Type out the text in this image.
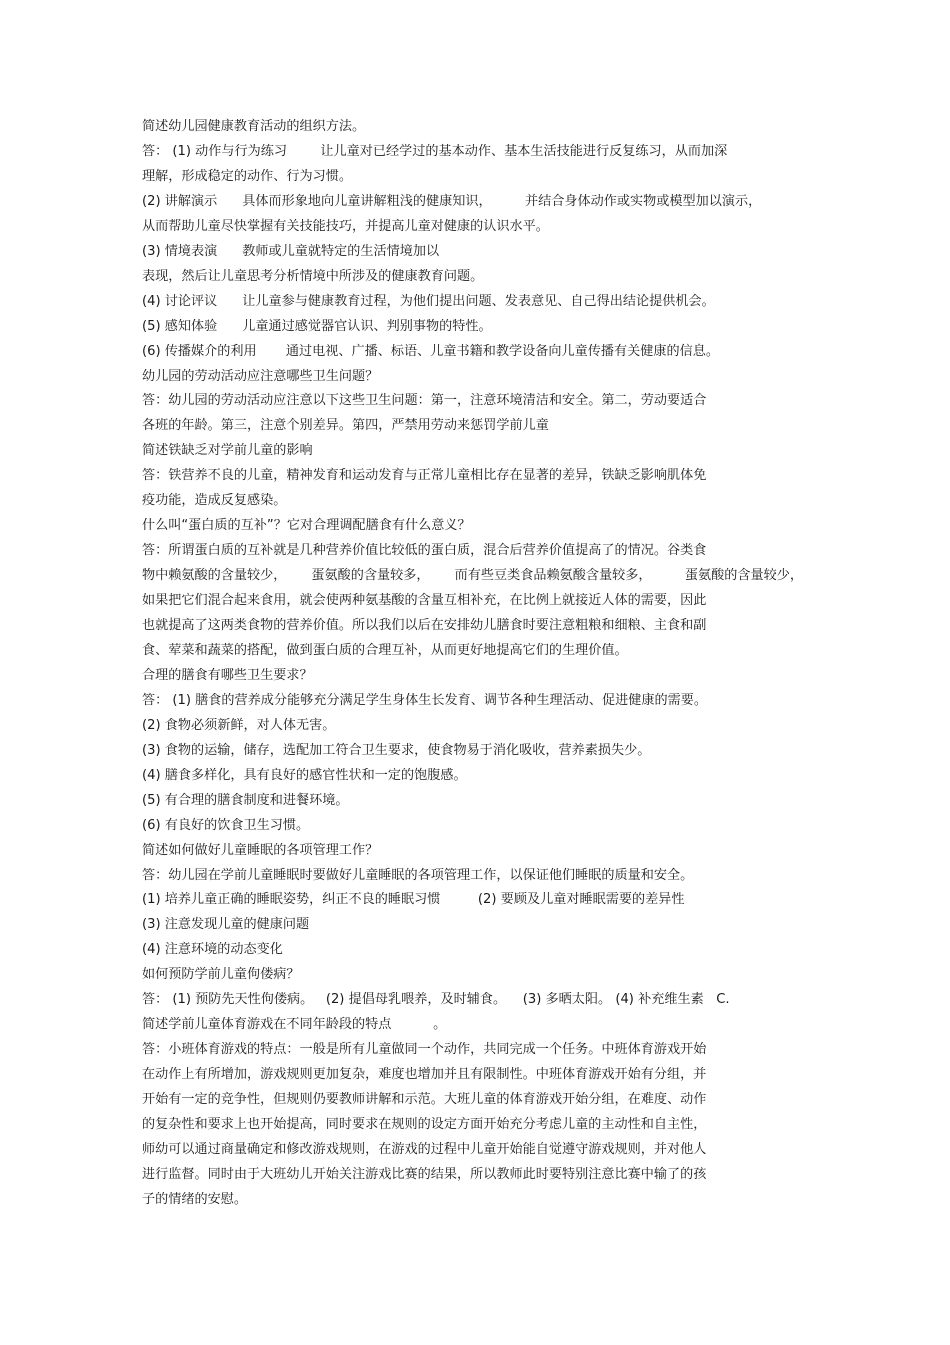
简述幼儿园健康教育活动的组织方法。
答： (1) 动作与行为练习        让儿童对已经学过的基本动作、基本生活技能进行反复练习，从而加深
理解，形成稳定的动作、行为习惯。
(2) 讲解演示      具体而形象地向儿童讲解粗浅的健康知识，        并结合身体动作或实物或模型加以演示，
从而帮助儿童尽快掌握有关技能技巧，并提高儿童对健康的认识水平。
(3) 情境表演      教师或儿童就特定的生活情境加以
表现，然后让儿童思考分析情境中所涉及的健康教育问题。
(4) 讨论评议      让儿童参与健康教育过程，为他们提出问题、发表意见、自己得出结论提供机会。
(5) 感知体验      儿童通过感觉器官认识、判别事物的特性。
(6) 传播媒介的利用       通过电视、广播、标语、儿童书籍和教学设备向儿童传播有关健康的信息。
幼儿园的劳动活动应注意哪些卫生问题？
答：幼儿园的劳动活动应注意以下这些卫生问题：第一，注意环境清洁和安全。第二，劳动要适合
各班的年龄。第三，注意个别差异。第四，严禁用劳动来惩罚学前儿童
简述铁缺乏对学前儿童的影响
答：铁营养不良的儿童，精神发育和运动发育与正常儿童相比存在显著的差异，铁缺乏影响肌体免
疫功能，造成反复感染。
什么叫“蛋白质的互补”？它对合理调配膳食有什么意义？
答：所谓蛋白质的互补就是几种营养价值比较低的蛋白质，混合后营养价值提高了的情况。谷类食
物中赖氨酸的含量较少，      蛋氨酸的含量较多，      而有些豆类食品赖氨酸含量较多，        蛋氨酸的含量较少，
如果把它们混合起来食用，就会使两种氨基酸的含量互相补充，在比例上就接近人体的需要，因此
也就提高了这两类食物的营养价值。所以我们以后在安排幼儿膳食时要注意粗粮和细粮、主食和副
食、荤菜和蔬菜的搭配，做到蛋白质的合理互补，从而更好地提高它们的生理价值。
合理的膳食有哪些卫生要求？
答： (1) 膳食的营养成分能够充分满足学生身体生长发育、调节各种生理活动、促进健康的需要。
(2) 食物必须新鲜，对人体无害。
(3) 食物的运输，储存，选配加工符合卫生要求，使食物易于消化吸收，营养素损失少。
(4) 膳食多样化，具有良好的感官性状和一定的饱腹感。
(5) 有合理的膳食制度和进餐环境。
(6) 有良好的饮食卫生习惯。
简述如何做好儿童睡眠的各项管理工作？
答：幼儿园在学前儿童睡眠时要做好儿童睡眠的各项管理工作，以保证他们睡眠的质量和安全。
(1) 培养儿童正确的睡眠姿势，纠正不良的睡眠习惯         (2) 要顾及儿童对睡眠需要的差异性
(3) 注意发现儿童的健康问题
(4) 注意环境的动态变化
如何预防学前儿童佝偻病？
答： (1) 预防先天性佝偻病。   (2) 提倡母乳喂养，及时辅食。    (3) 多晒太阳。 (4) 补充维生素   C.
简述学前儿童体育游戏在不同年龄段的特点          。
答：小班体育游戏的特点：一般是所有儿童做同一个动作，共同完成一个任务。中班体育游戏开始
在动作上有所增加，游戏规则更加复杂，难度也增加并且有限制性。中班体育游戏开始有分组，并
开始有一定的竞争性，但规则仍要教师讲解和示范。大班儿童的体育游戏开始分组，在难度、动作
的复杂性和要求上也开始提高，同时要求在规则的设定方面开始充分考虑儿童的主动性和自主性，
师幼可以通过商量确定和修改游戏规则，在游戏的过程中儿童开始能自觉遵守游戏规则，并对他人
进行监督。同时由于大班幼儿开始关注游戏比赛的结果，所以教师此时要特别注意比赛中输了的孩
子的情绪的安慰。
